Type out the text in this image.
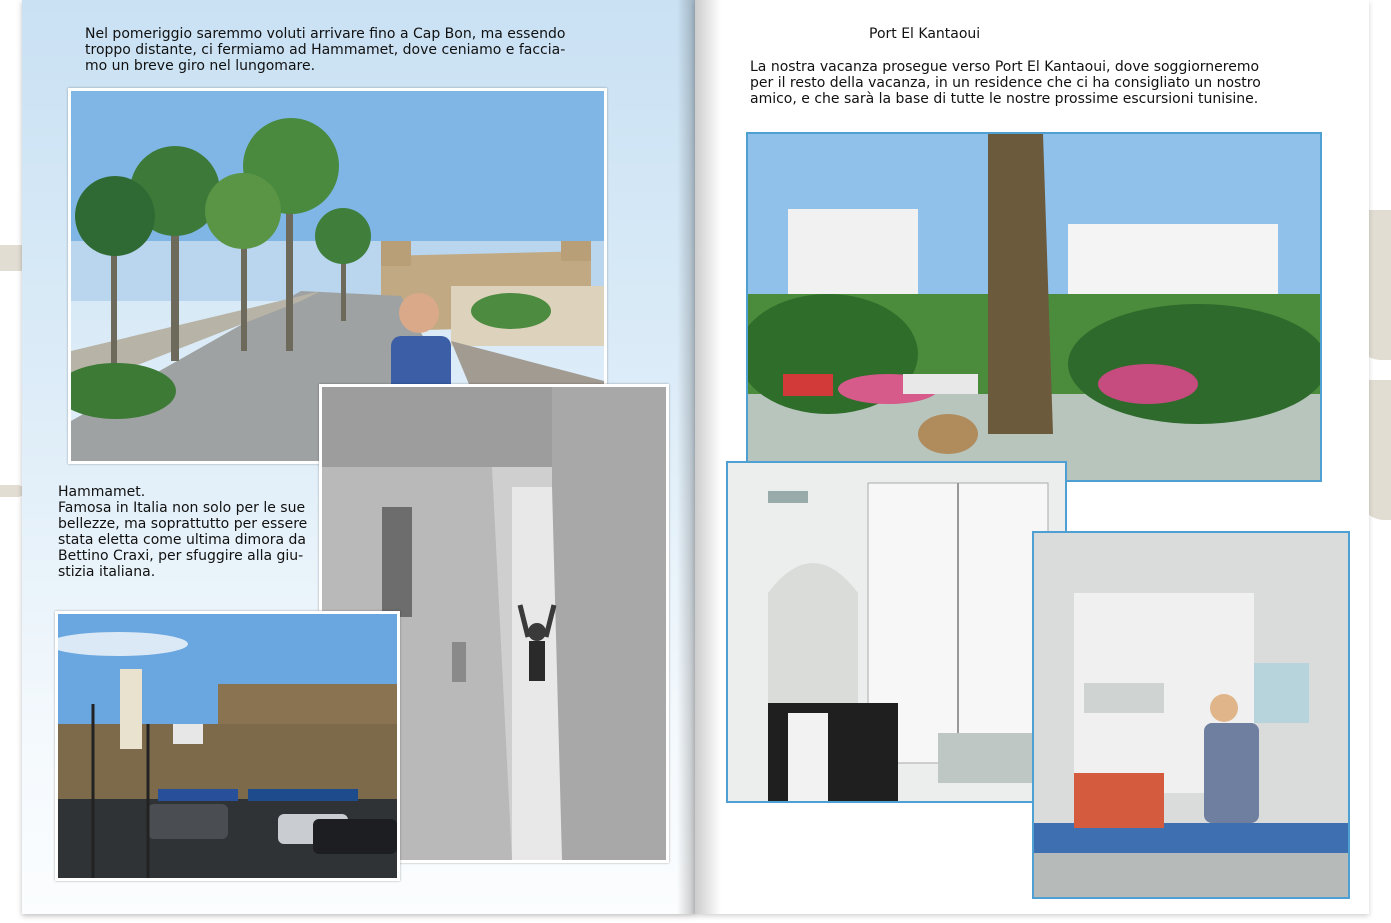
Nel pomeriggio saremmo voluti arrivare fino a Cap Bon, ma essendo
troppo distante, ci fermiamo ad Hammamet, dove ceniamo e faccia-
mo un breve giro nel lungomare.
Hammamet.
Famosa in Italia non solo per le sue
bellezze, ma soprattutto per essere
stata eletta come ultima dimora da
Bettino Craxi, per sfuggire alla giu-
stizia italiana.
Port El Kantaoui
La nostra vacanza prosegue verso Port El Kantaoui, dove soggiorneremo
per il resto della vacanza, in un residence che ci ha consigliato un nostro
amico, e che sarà la base di tutte le nostre prossime escursioni tunisine.
